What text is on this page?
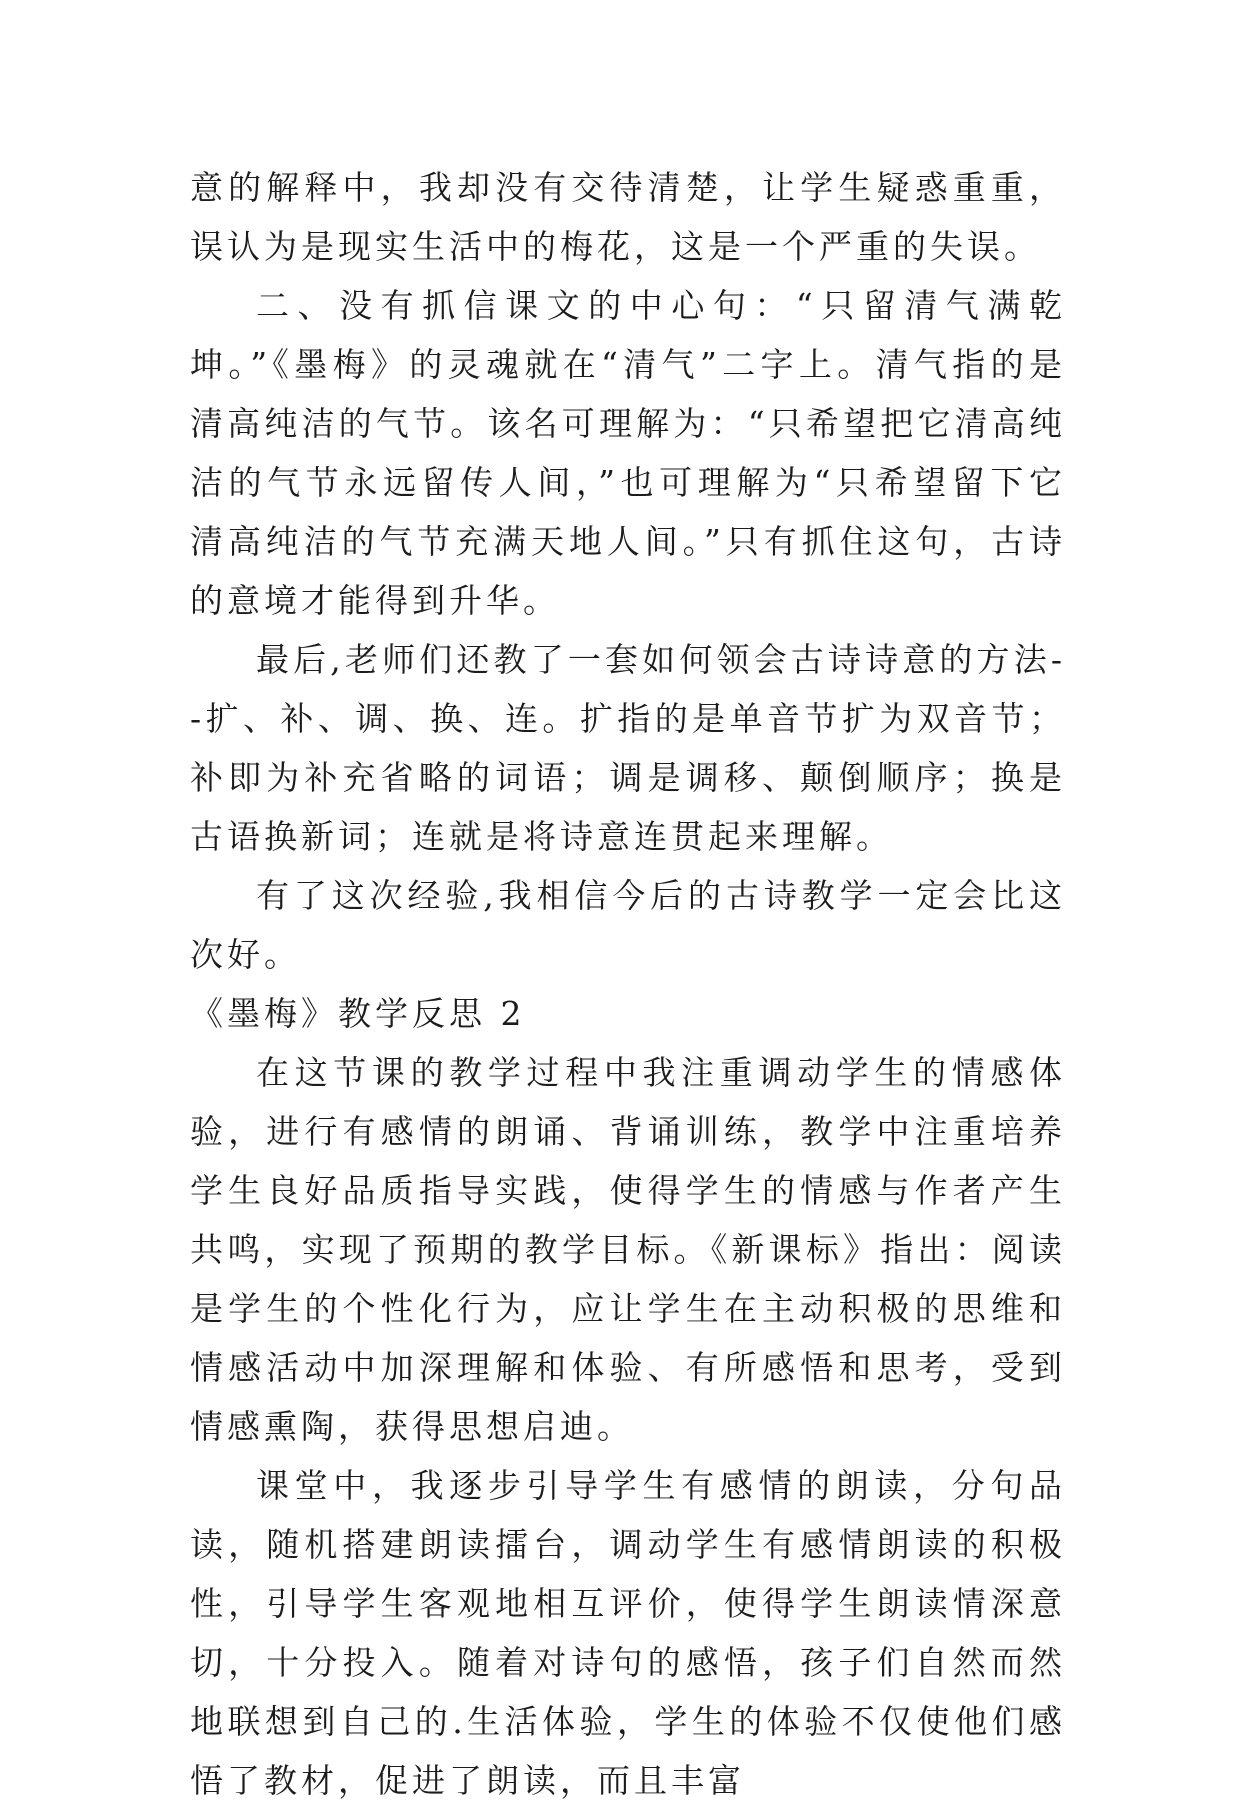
意的解释中，我却没有交待清楚，让学生疑惑重重，误认为是现实生活中的梅花，这是一个严重的失误。

二、没有抓信课文的中心句：“只留清气满乾坤。”《墨梅》的灵魂就在“清气”二字上。清气指的是清高纯洁的气节。该名可理解为：“只希望把它清高纯洁的气节永远留传人间，”也可理解为“只希望留下它清高纯洁的气节充满天地人间。”只有抓住这句，古诗的意境才能得到升华。

最后,老师们还教了一套如何领会古诗诗意的方法--扩、补、调、换、连。扩指的是单音节扩为双音节；补即为补充省略的词语；调是调移、颠倒顺序；换是古语换新词；连就是将诗意连贯起来理解。

有了这次经验,我相信今后的古诗教学一定会比这次好。

《墨梅》教学反思 2

在这节课的教学过程中我注重调动学生的情感体验，进行有感情的朗诵、背诵训练，教学中注重培养学生良好品质指导实践，使得学生的情感与作者产生共鸣，实现了预期的教学目标。《新课标》指出：阅读是学生的个性化行为，应让学生在主动积极的思维和情感活动中加深理解和体验、有所感悟和思考，受到情感熏陶，获得思想启迪。

课堂中，我逐步引导学生有感情的朗读，分句品读，随机搭建朗读擂台，调动学生有感情朗读的积极性，引导学生客观地相互评价，使得学生朗读情深意切，十分投入。随着对诗句的感悟，孩子们自然而然地联想到自己的.生活体验，学生的体验不仅使他们感悟了教材，促进了朗读，而且丰富
